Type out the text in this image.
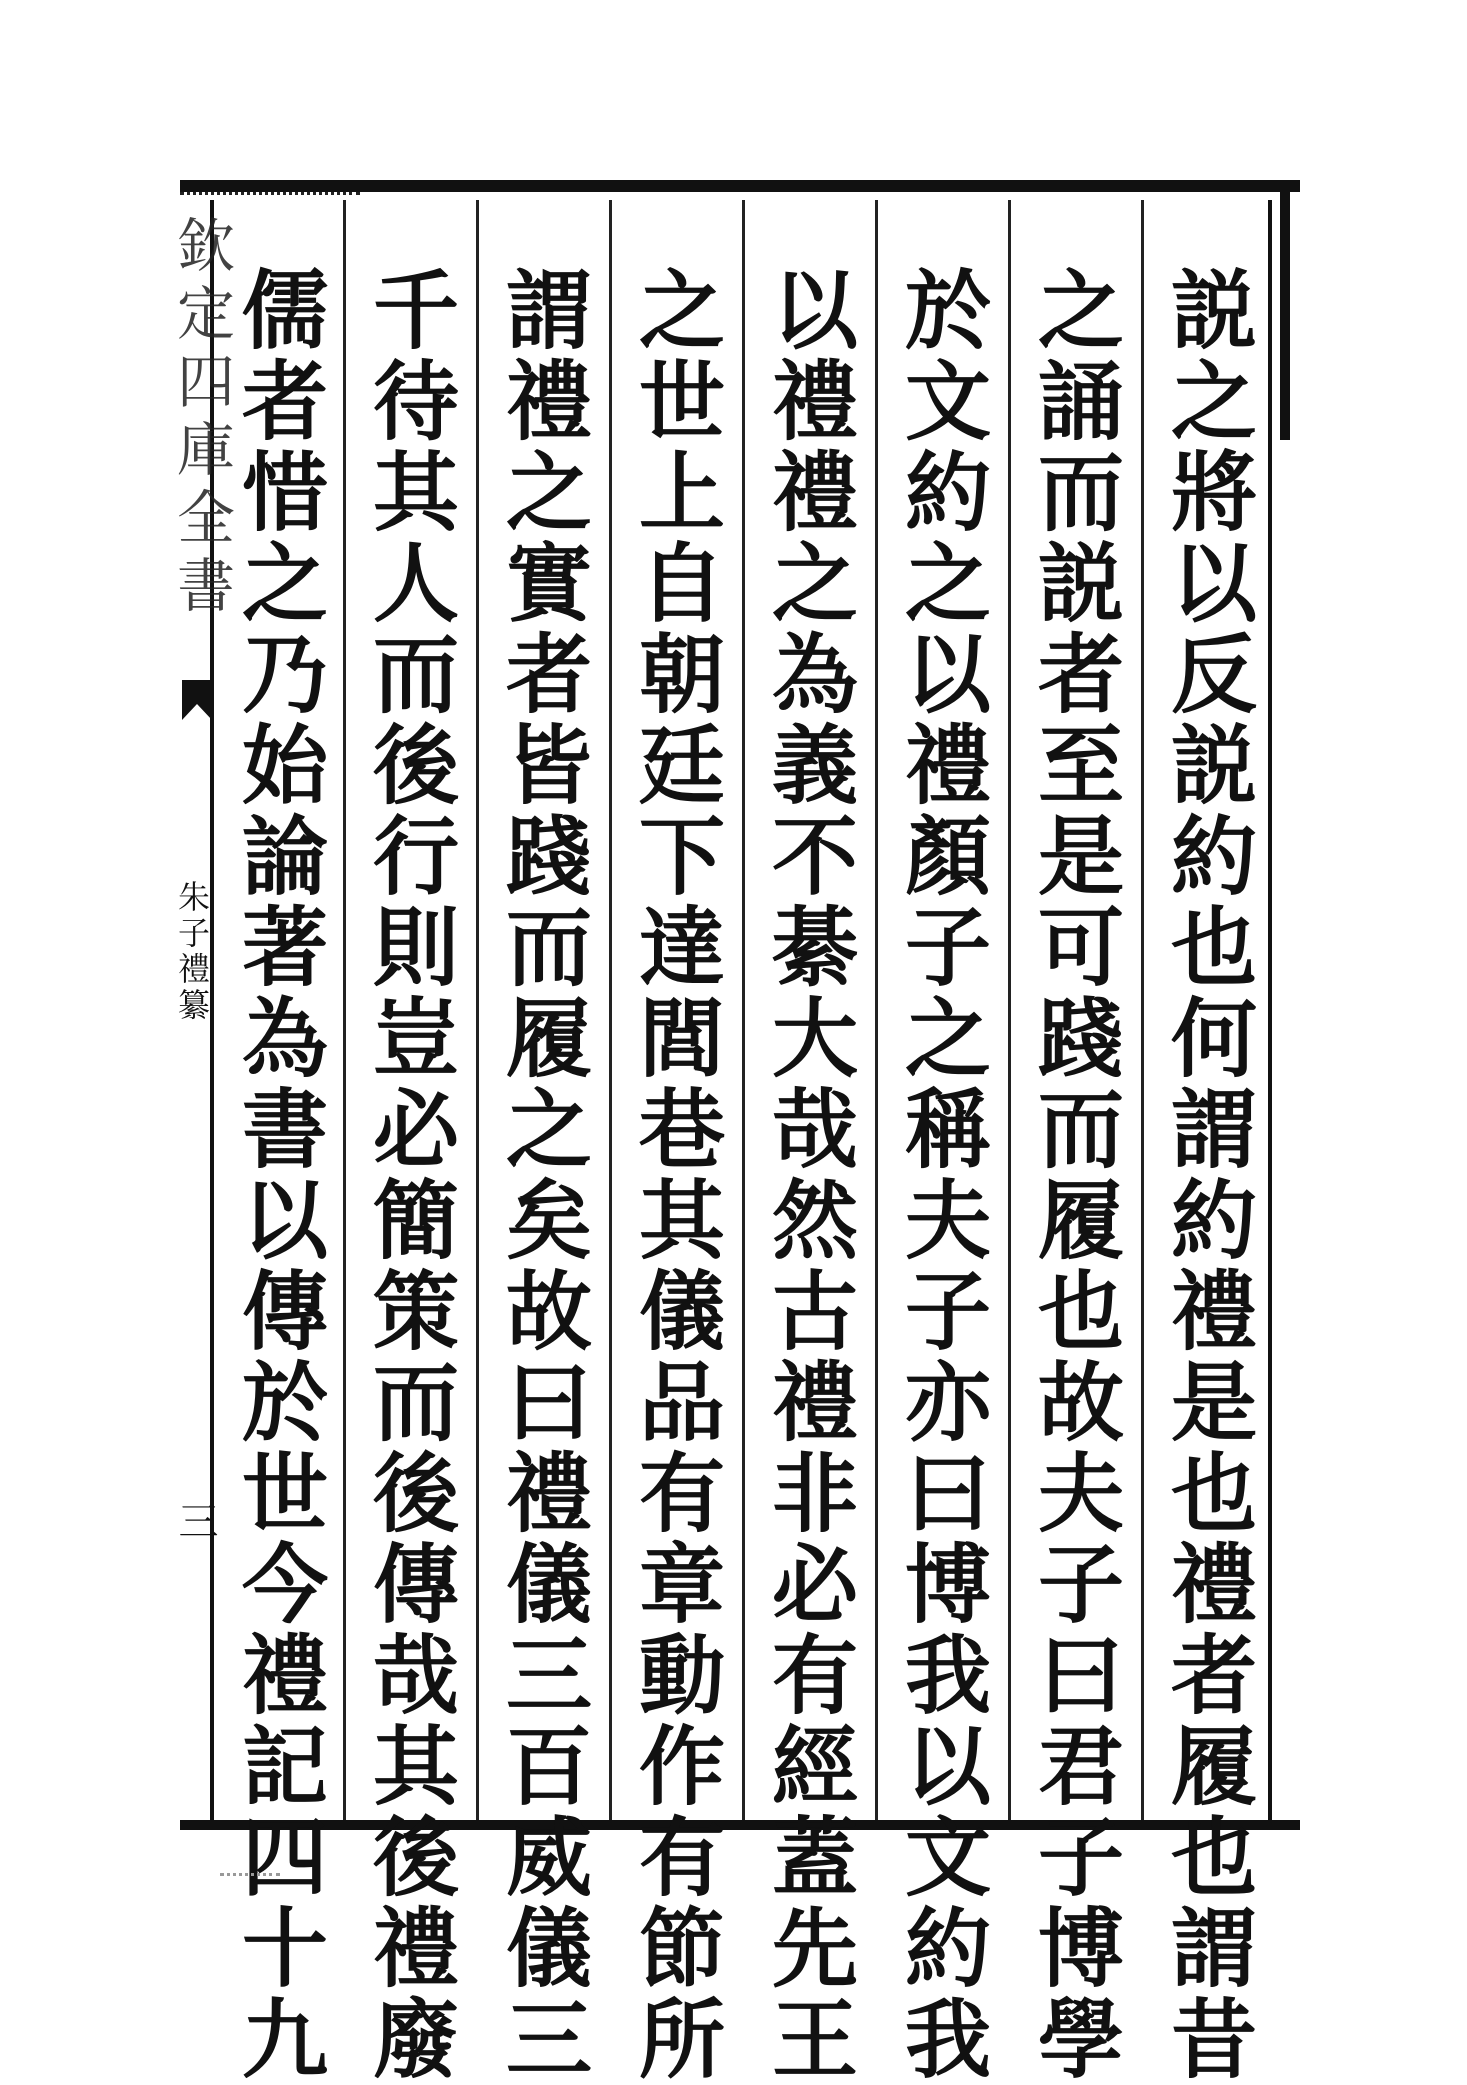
欽定四庫全書
朱子禮纂
三	説之將以反説約也何謂約禮是也禮者履也謂昔
之誦而説者至是可踐而履也故夫子曰君子博學
於文約之以禮顏子之稱夫子亦曰博我以文約我
以禮禮之為義不綦大哉然古禮非必有經蓋先王
之世上自朝廷下達閭巷其儀品有章動作有節所
謂禮之實者皆踐而履之矣故曰禮儀三百威儀三
千待其人而後行則豈必簡策而後傳哉其後禮廢
儒者惜之乃始論著為書以傳於世今禮記四十九
